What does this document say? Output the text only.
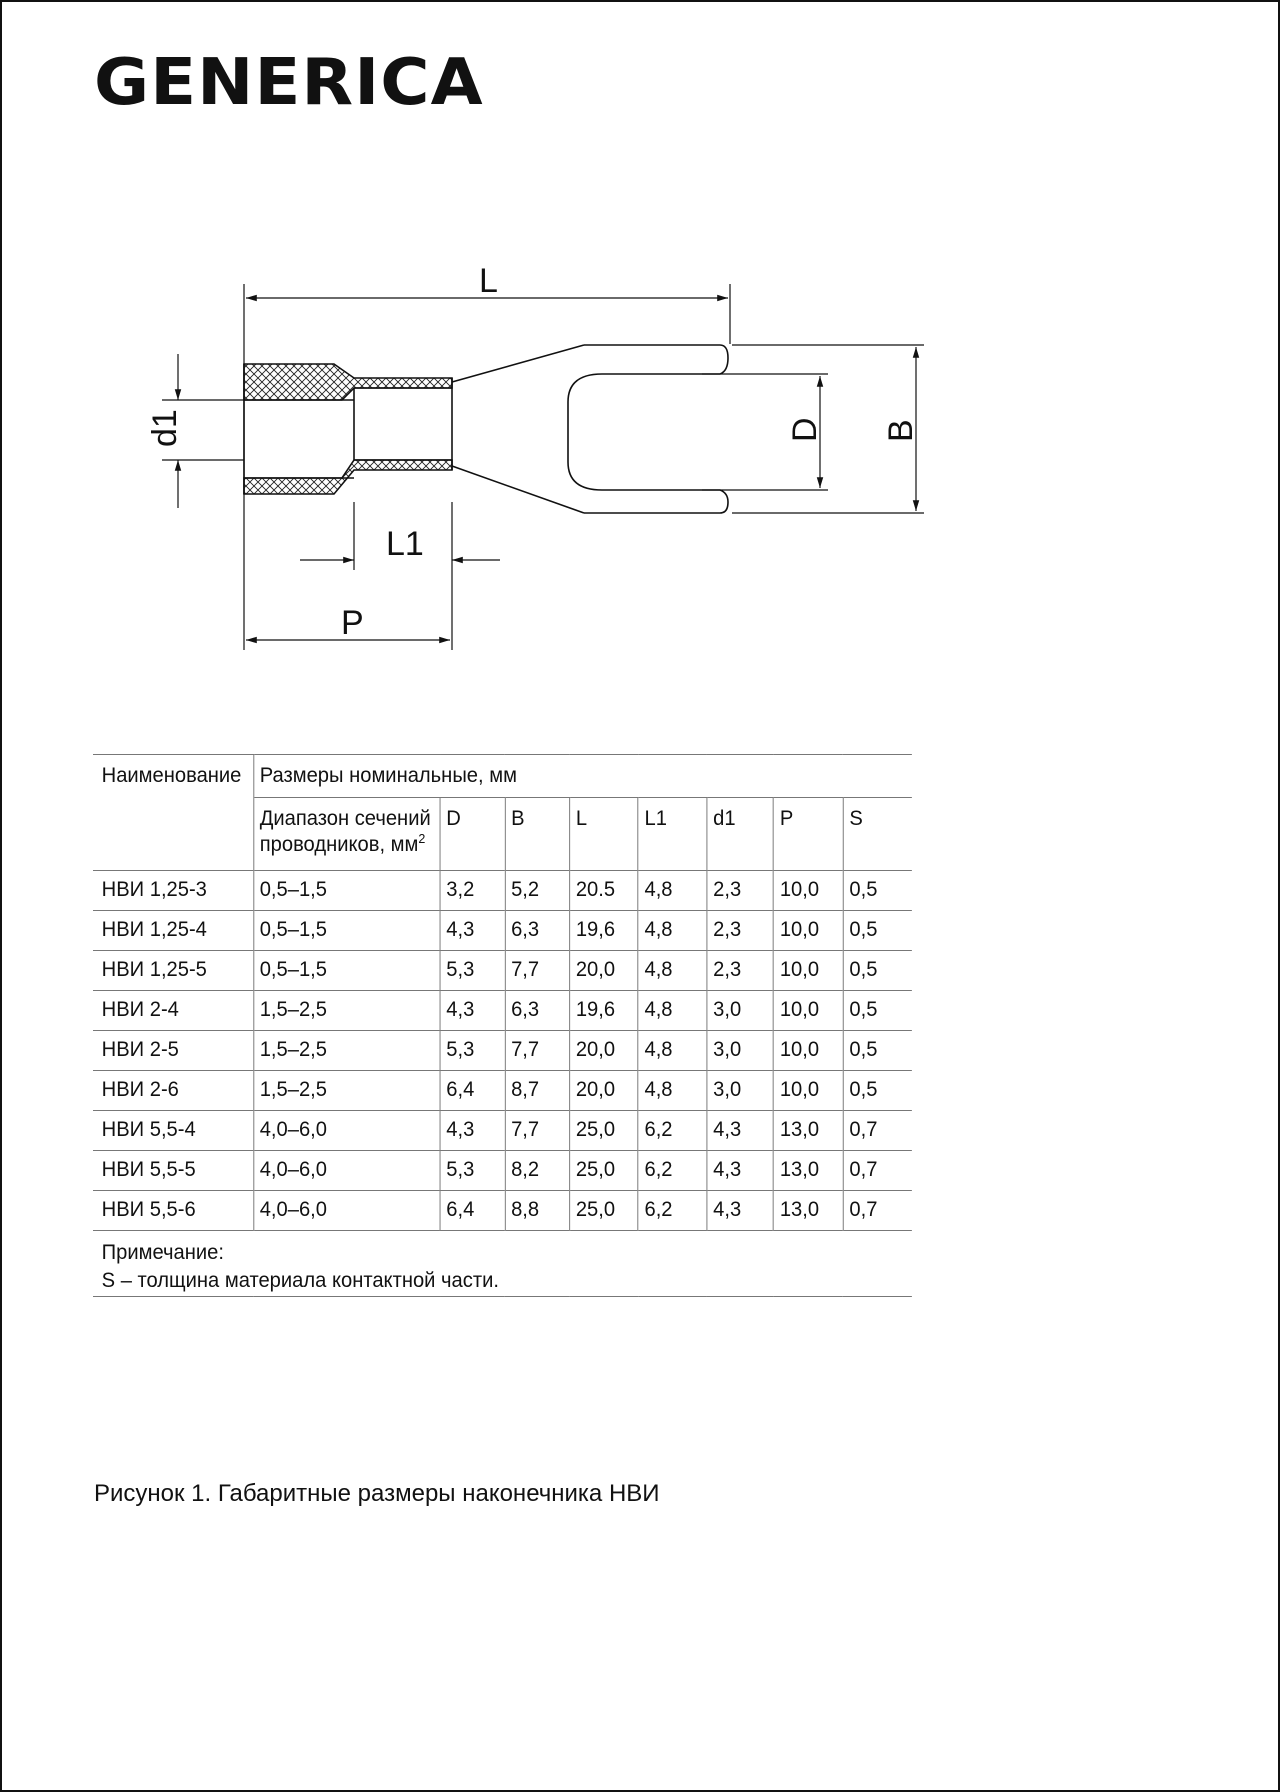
GENERICA
L
P
L1
d1	D B
Наименование	Размеры номинальные, мм							
	Диапазон сечений
проводников, $мм^2$	D	B	L	L1	d1	P	S
НВИ 1,25-3	0,5–1,5	3,2	5,2	20.5	4,8	2,3	10,0	0,5
НВИ 1,25-4	0,5–1,5	4,3	6,3	19,6	4,8	2,3	10,0	0,5
НВИ 1,25-5	0,5–1,5	5,3	7,7	20,0	4,8	2,3	10,0	0,5
НВИ 2-4	1,5–2,5	4,3	6,3	19,6	4,8	3,0	10,0	0,5
НВИ 2-5	1,5–2,5	5,3	7,7	20,0	4,8	3,0	10,0	0,5
НВИ 2-6	1,5–2,5	6,4	8,7	20,0	4,8	3,0	10,0	0,5
НВИ 5,5-4	4,0–6,0	4,3	7,7	25,0	6,2	4,3	13,0	0,7
НВИ 5,5-5	4,0–6,0	5,3	8,2	25,0	6,2	4,3	13,0	0,7
НВИ 5,5-6	4,0–6,0	6,4	8,8	25,0	6,2	4,3	13,0	0,7
Примечание:
S – толщина материала контактной части.								
Рисунок 1. Габаритные размеры наконечника НВИ
